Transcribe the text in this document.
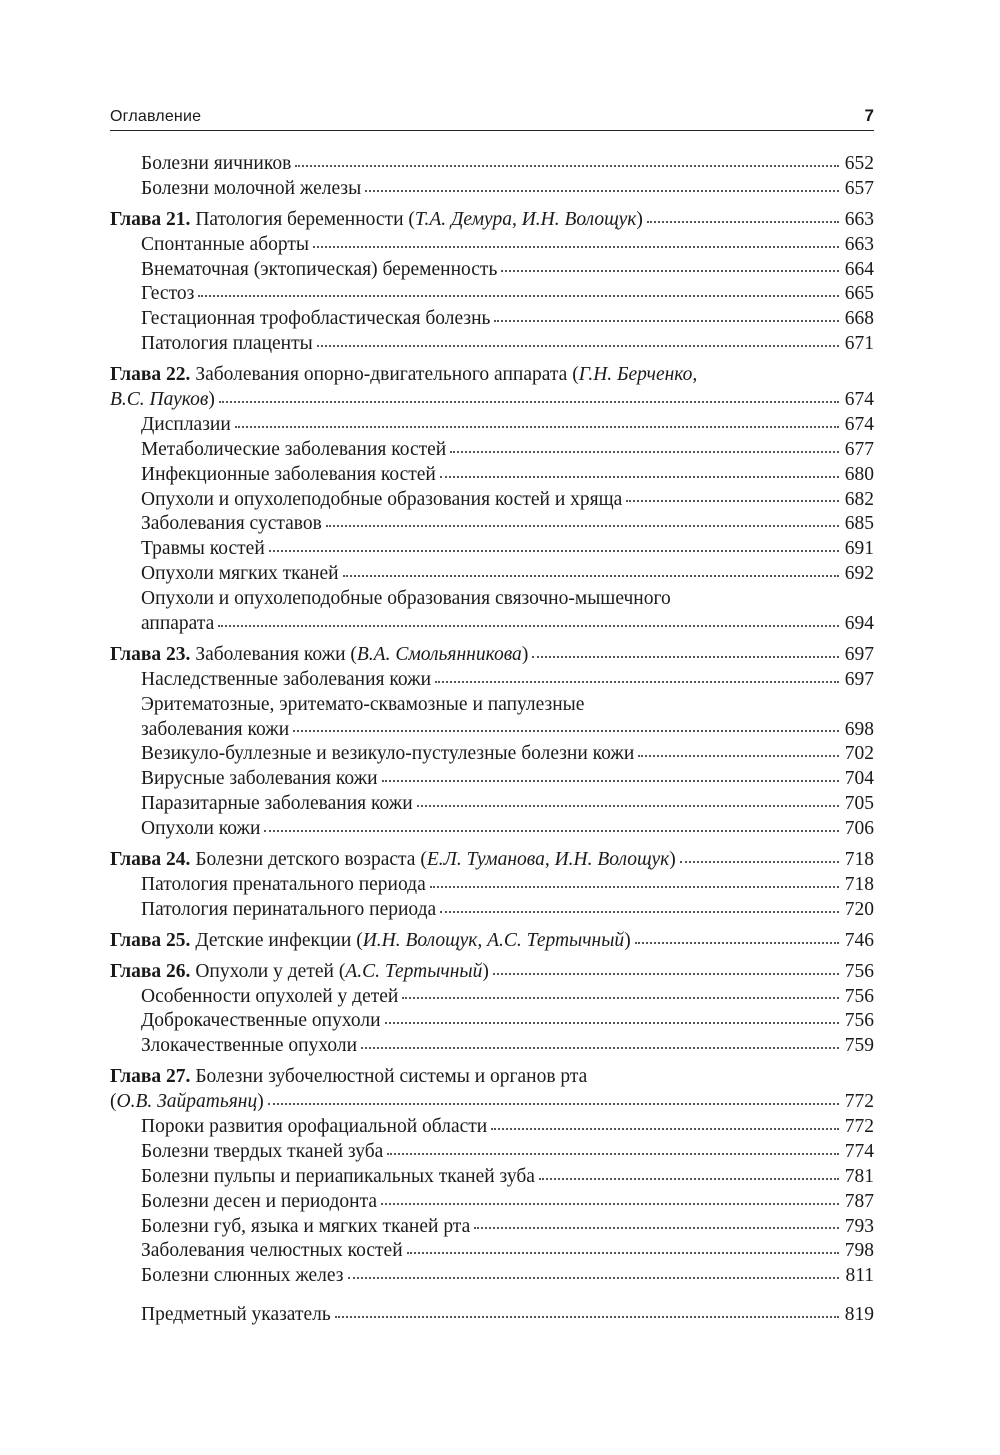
Оглавление	7
Болезни яичников	652
Болезни молочной железы	657
Глава 21. Патология беременности (Т.А. Демура, И.Н. Волощук)	663
Спонтанные аборты	663
Внематочная (эктопическая) беременность	664
Гестоз	665
Гестационная трофобластическая болезнь	668
Патология плаценты	671
Глава 22. Заболевания опорно-двигательного аппарата (Г.Н. Берченко,
В.С. Пауков)	674
Дисплазии	674
Метаболические заболевания костей	677
Инфекционные заболевания костей	680
Опухоли и опухолеподобные образования костей и хряща	682
Заболевания суставов	685
Травмы костей	691
Опухоли мягких тканей	692
Опухоли и опухолеподобные образования связочно-мышечного
аппарата	694
Глава 23. Заболевания кожи (В.А. Смольянникова)	697
Наследственные заболевания кожи	697
Эритематозные, эритемато-сквамозные и папулезные
заболевания кожи	698
Везикуло-буллезные и везикуло-пустулезные болезни кожи	702
Вирусные заболевания кожи	704
Паразитарные заболевания кожи	705
Опухоли кожи	706
Глава 24. Болезни детского возраста (Е.Л. Туманова, И.Н. Волощук)	718
Патология пренатального периода	718
Патология перинатального периода	720
Глава 25. Детские инфекции (И.Н. Волощук, А.С. Тертычный)	746
Глава 26. Опухоли у детей (А.С. Тертычный)	756
Особенности опухолей у детей	756
Доброкачественные опухоли	756
Злокачественные опухоли	759
Глава 27. Болезни зубочелюстной системы и органов рта
(О.В. Зайратьянц)	772
Пороки развития орофациальной области	772
Болезни твердых тканей зуба	774
Болезни пульпы и периапикальных тканей зуба	781
Болезни десен и периодонта	787
Болезни губ, языка и мягких тканей рта	793
Заболевания челюстных костей	798
Болезни слюнных желез	811
Предметный указатель	819
